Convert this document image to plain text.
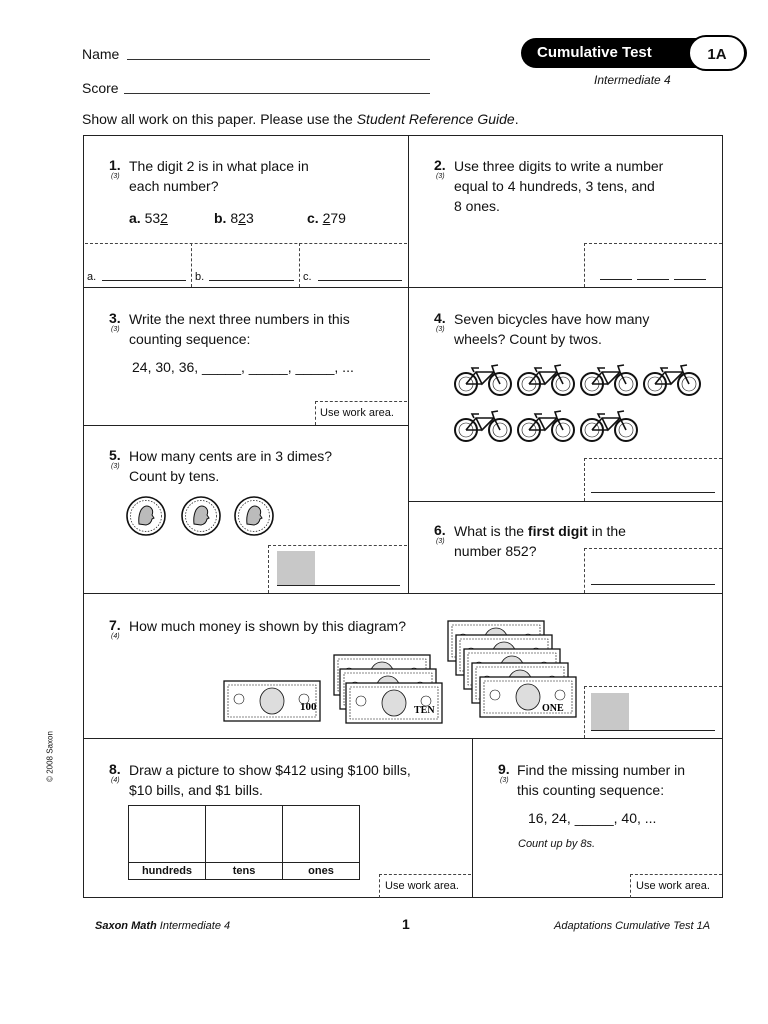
Name
Score
Cumulative Test	1A
Intermediate 4
Show all work on this paper. Please use the Student Reference Guide.
1.
(3)
The digit 2 is in what place in
each number?
a. 532	b. 823	c. 279
a.	b.	c.
2.
(3)
Use three digits to write a number
equal to 4 hundreds, 3 tens, and
8 ones.
3.
(3)
Write the next three numbers in this
counting sequence:
24, 30, 36, _____, _____, _____, ...
Use work area.
4.
(3)
Seven bicycles have how many
wheels? Count by twos.
5.
(3)
How many cents are in 3 dimes?
Count by tens.
6.
(3)
What is the first digit in the
number 852?
7.
(4)
How much money is shown by this diagram?
100	TEN	ONE
8.
(4)
Draw a picture to show $412 using $100 bills,
$10 bills, and $1 bills.

hundreds	tens	ones
Use work area.
9.
(3)
Find the missing number in
this counting sequence:
16, 24, _____, 40, ...
Count up by 8s.
Use work area.
© 2008 Saxon
Saxon Math Intermediate 4	1	Adaptations Cumulative Test 1A
